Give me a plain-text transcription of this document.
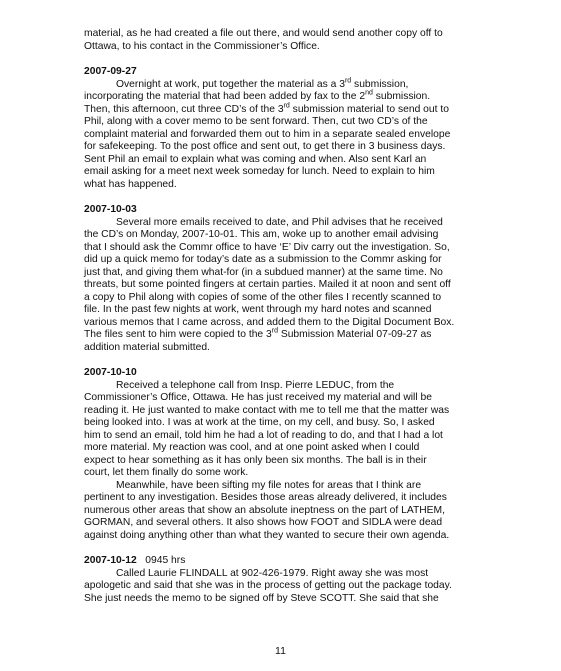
material, as he had created a file out there, and would send another copy off to
Ottawa, to his contact in the Commissioner’s Office.
2007-09-27
Overnight at work, put together the material as a 3rd submission,
incorporating the material that had been added by fax to the 2nd submission.
Then, this afternoon, cut three CD’s of the 3rd submission material to send out to
Phil, along with a cover memo to be sent forward. Then, cut two CD’s of the
complaint material and forwarded them out to him in a separate sealed envelope
for safekeeping. To the post office and sent out, to get there in 3 business days.
Sent Phil an email to explain what was coming and when. Also sent Karl an
email asking for a meet next week someday for lunch. Need to explain to him
what has happened.
2007-10-03
Several more emails received to date, and Phil advises that he received
the CD’s on Monday, 2007-10-01. This am, woke up to another email advising
that I should ask the Commr office to have ‘E’ Div carry out the investigation. So,
did up a quick memo for today’s date as a submission to the Commr asking for
just that, and giving them what-for (in a subdued manner) at the same time. No
threats, but some pointed fingers at certain parties. Mailed it at noon and sent off
a copy to Phil along with copies of some of the other files I recently scanned to
file. In the past few nights at work, went through my hard notes and scanned
various memos that I came across, and added them to the Digital Document Box.
The files sent to him were copied to the 3rd Submission Material 07-09-27 as
addition material submitted.
2007-10-10
Received a telephone call from Insp. Pierre LEDUC, from the
Commissioner’s Office, Ottawa. He has just received my material and will be
reading it. He just wanted to make contact with me to tell me that the matter was
being looked into. I was at work at the time, on my cell, and busy. So, I asked
him to send an email, told him he had a lot of reading to do, and that I had a lot
more material. My reaction was cool, and at one point asked when I could
expect to hear something as it has only been six months. The ball is in their
court, let them finally do some work.
Meanwhile, have been sifting my file notes for areas that I think are
pertinent to any investigation. Besides those areas already delivered, it includes
numerous other areas that show an absolute ineptness on the part of LATHEM,
GORMAN, and several others. It also shows how FOOT and SIDLA were dead
against doing anything other than what they wanted to secure their own agenda.
2007-10-12 0945 hrs
Called Laurie FLINDALL at 902-426-1979. Right away she was most
apologetic and said that she was in the process of getting out the package today.
She just needs the memo to be signed off by Steve SCOTT. She said that she
11
